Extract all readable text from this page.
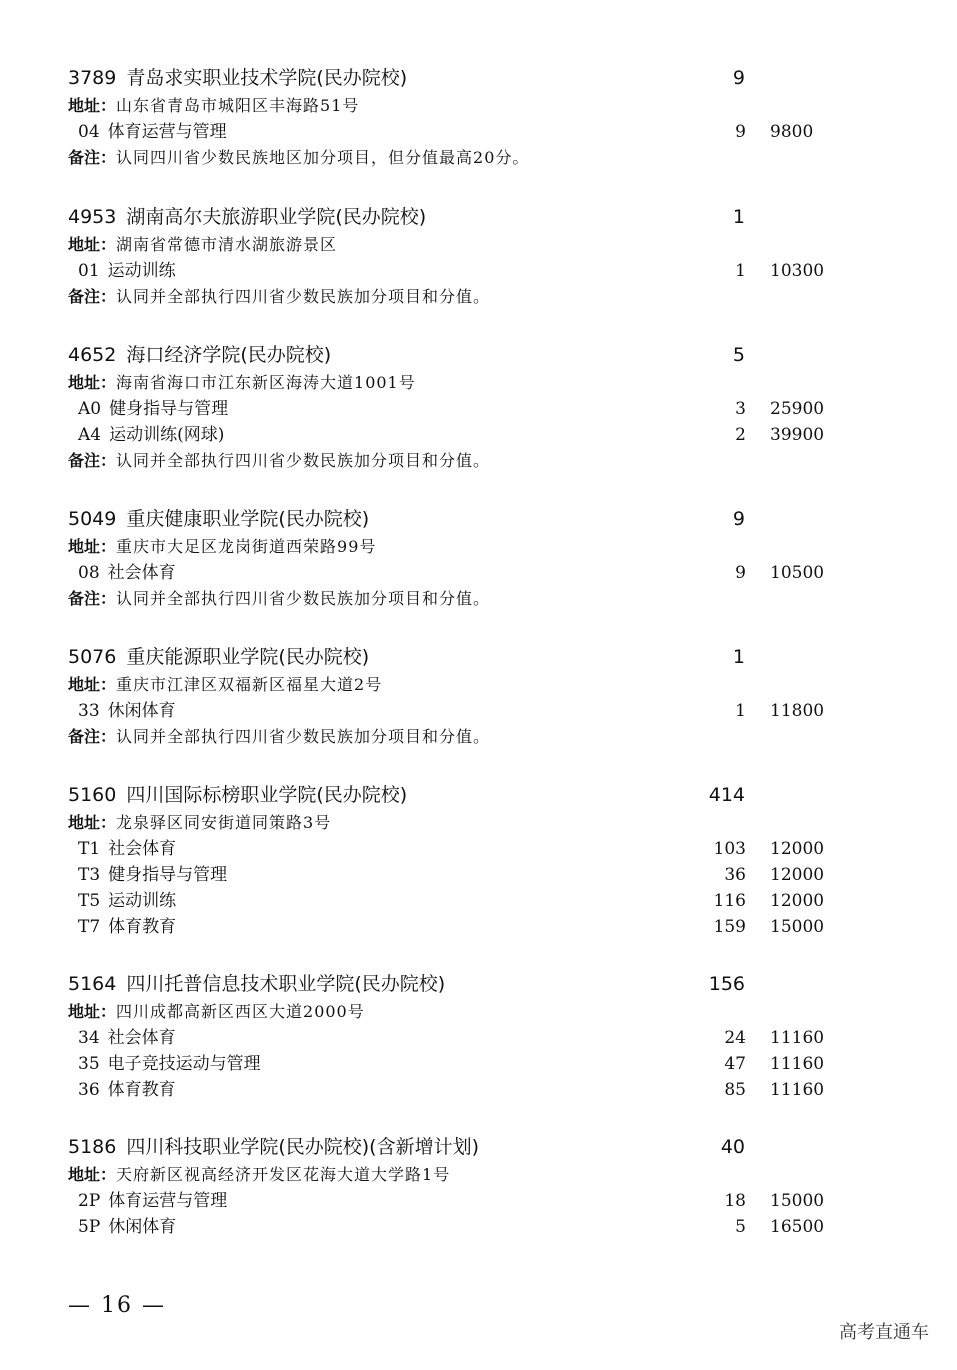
3789 青岛求实职业技术学院(民办院校)	9
地址：山东省青岛市城阳区丰海路51号
04 体育运营与管理	9 9800
备注：认同四川省少数民族地区加分项目，但分值最高20分。
4953 湖南高尔夫旅游职业学院(民办院校)	1
地址：湖南省常德市清水湖旅游景区
01 运动训练	1 10300
备注：认同并全部执行四川省少数民族加分项目和分值。
4652 海口经济学院(民办院校)	5
地址：海南省海口市江东新区海涛大道1001号
A0 健身指导与管理	3 25900
A4 运动训练(网球)	2 39900
备注：认同并全部执行四川省少数民族加分项目和分值。
5049 重庆健康职业学院(民办院校)	9
地址：重庆市大足区龙岗街道西荣路99号
08 社会体育	9 10500
备注：认同并全部执行四川省少数民族加分项目和分值。
5076 重庆能源职业学院(民办院校)	1
地址：重庆市江津区双福新区福星大道2号
33 休闲体育	1 11800
备注：认同并全部执行四川省少数民族加分项目和分值。
5160 四川国际标榜职业学院(民办院校)	414
地址：龙泉驿区同安街道同策路3号
T1 社会体育	103 12000
T3 健身指导与管理	36 12000
T5 运动训练	116 12000
T7 体育教育	159 15000
5164 四川托普信息技术职业学院(民办院校)	156
地址：四川成都高新区西区大道2000号
34 社会体育	24 11160
35 电子竞技运动与管理	47 11160
36 体育教育	85 11160
5186 四川科技职业学院(民办院校)(含新增计划)	40
地址：天府新区视高经济开发区花海大道大学路1号
2P 体育运营与管理	18 15000
5P 休闲体育	5 16500
— 16 —
高考直通车
